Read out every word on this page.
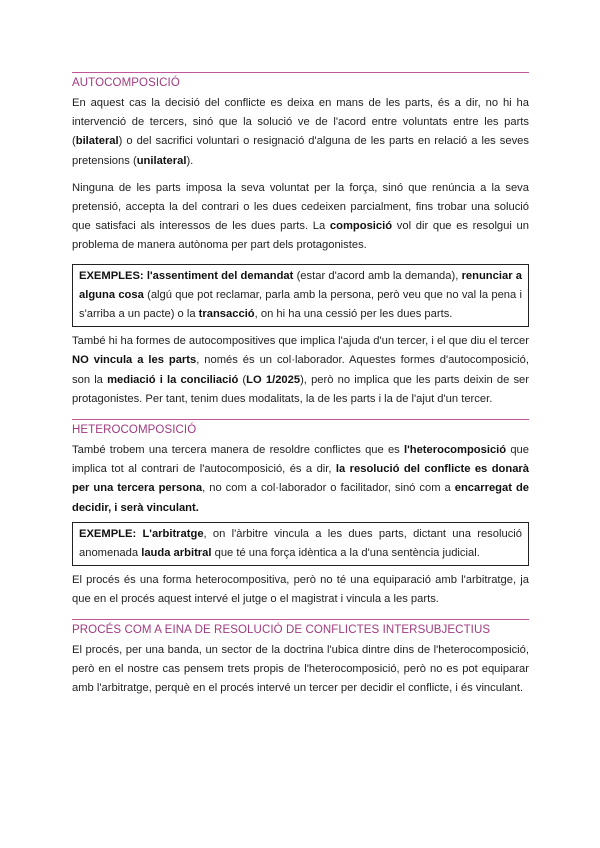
AUTOCOMPOSICIÓ

En aquest cas la decisió del conflicte es deixa en mans de les parts, és a dir, no hi ha intervenció de tercers, sinó que la solució ve de l'acord entre voluntats entre les parts (bilateral) o del sacrifici voluntari o resignació d'alguna de les parts en relació a les seves pretensions (unilateral).

Ninguna de les parts imposa la seva voluntat per la força, sinó que renúncia a la seva pretensió, accepta la del contrari o les dues cedeixen parcialment, fins trobar una solució que satisfaci als interessos de les dues parts. La composició vol dir que es resolgui un problema de manera autònoma per part dels protagonistes.

EXEMPLES: l'assentiment del demandat (estar d'acord amb la demanda), renunciar a alguna cosa (algú que pot reclamar, parla amb la persona, però veu que no val la pena i s'arriba a un pacte) o la transacció, on hi ha una cessió per les dues parts.

També hi ha formes de autocompositives que implica l'ajuda d'un tercer, i el que diu el tercer NO vincula a les parts, només és un col·laborador. Aquestes formes d'autocomposició, son la mediació i la conciliació (LO 1/2025), però no implica que les parts deixin de ser protagonistes. Per tant, tenim dues modalitats, la de les parts i la de l'ajut d'un tercer.

HETEROCOMPOSICIÓ

També trobem una tercera manera de resoldre conflictes que es l'heterocomposició que implica tot al contrari de l'autocomposició, és a dir, la resolució del conflicte es donarà per una tercera persona, no com a col·laborador o facilitador, sinó com a encarregat de decidir, i serà vinculant.

EXEMPLE: L'arbitratge, on l'àrbitre vincula a les dues parts, dictant una resolució anomenada lauda arbitral que té una força idèntica a la d'una sentència judicial.

El procés és una forma heterocompositiva, però no té una equiparació amb l'arbitratge, ja que en el procés aquest intervé el jutge o el magistrat i vincula a les parts.

PROCÉS COM A EINA DE RESOLUCIÓ DE CONFLICTES INTERSUBJECTIUS

El procés, per una banda, un sector de la doctrina l'ubica dintre dins de l'heterocomposició, però en el nostre cas pensem trets propis de l'heterocomposició, però no es pot equiparar amb l'arbitratge, perquè en el procés intervé un tercer per decidir el conflicte, i és vinculant.
